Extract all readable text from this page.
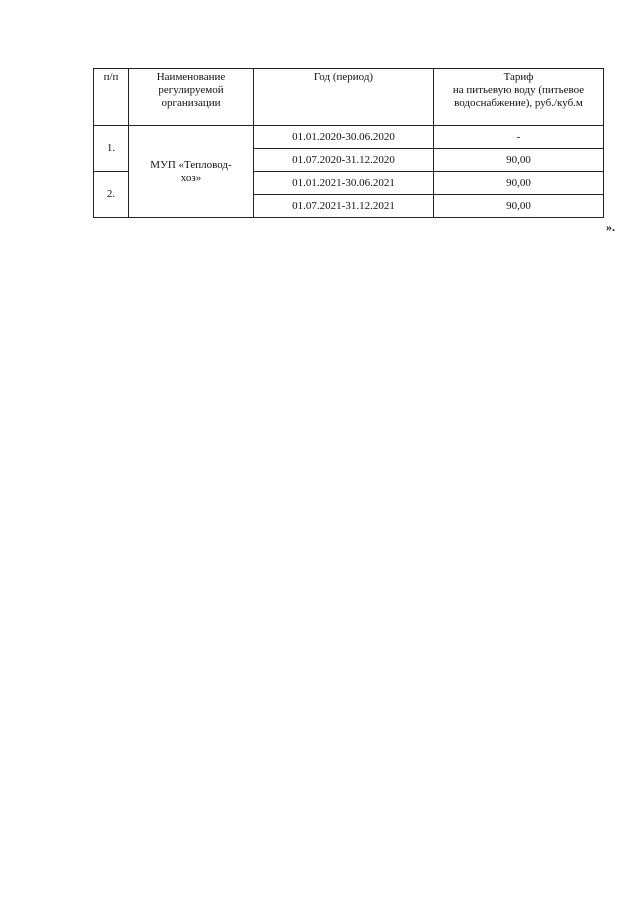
п/п	Наименование
регулируемой
организации	Год (период)	Тариф
на питьевую воду (питьевое
водоснабжение), руб./куб.м

1.	МУП «Тепловод-
хоз»	01.01.2020-30.06.2020	-
		01.07.2020-31.12.2020	90,00
2.		01.01.2021-30.06.2021	90,00
		01.07.2021-31.12.2021	90,00
».
